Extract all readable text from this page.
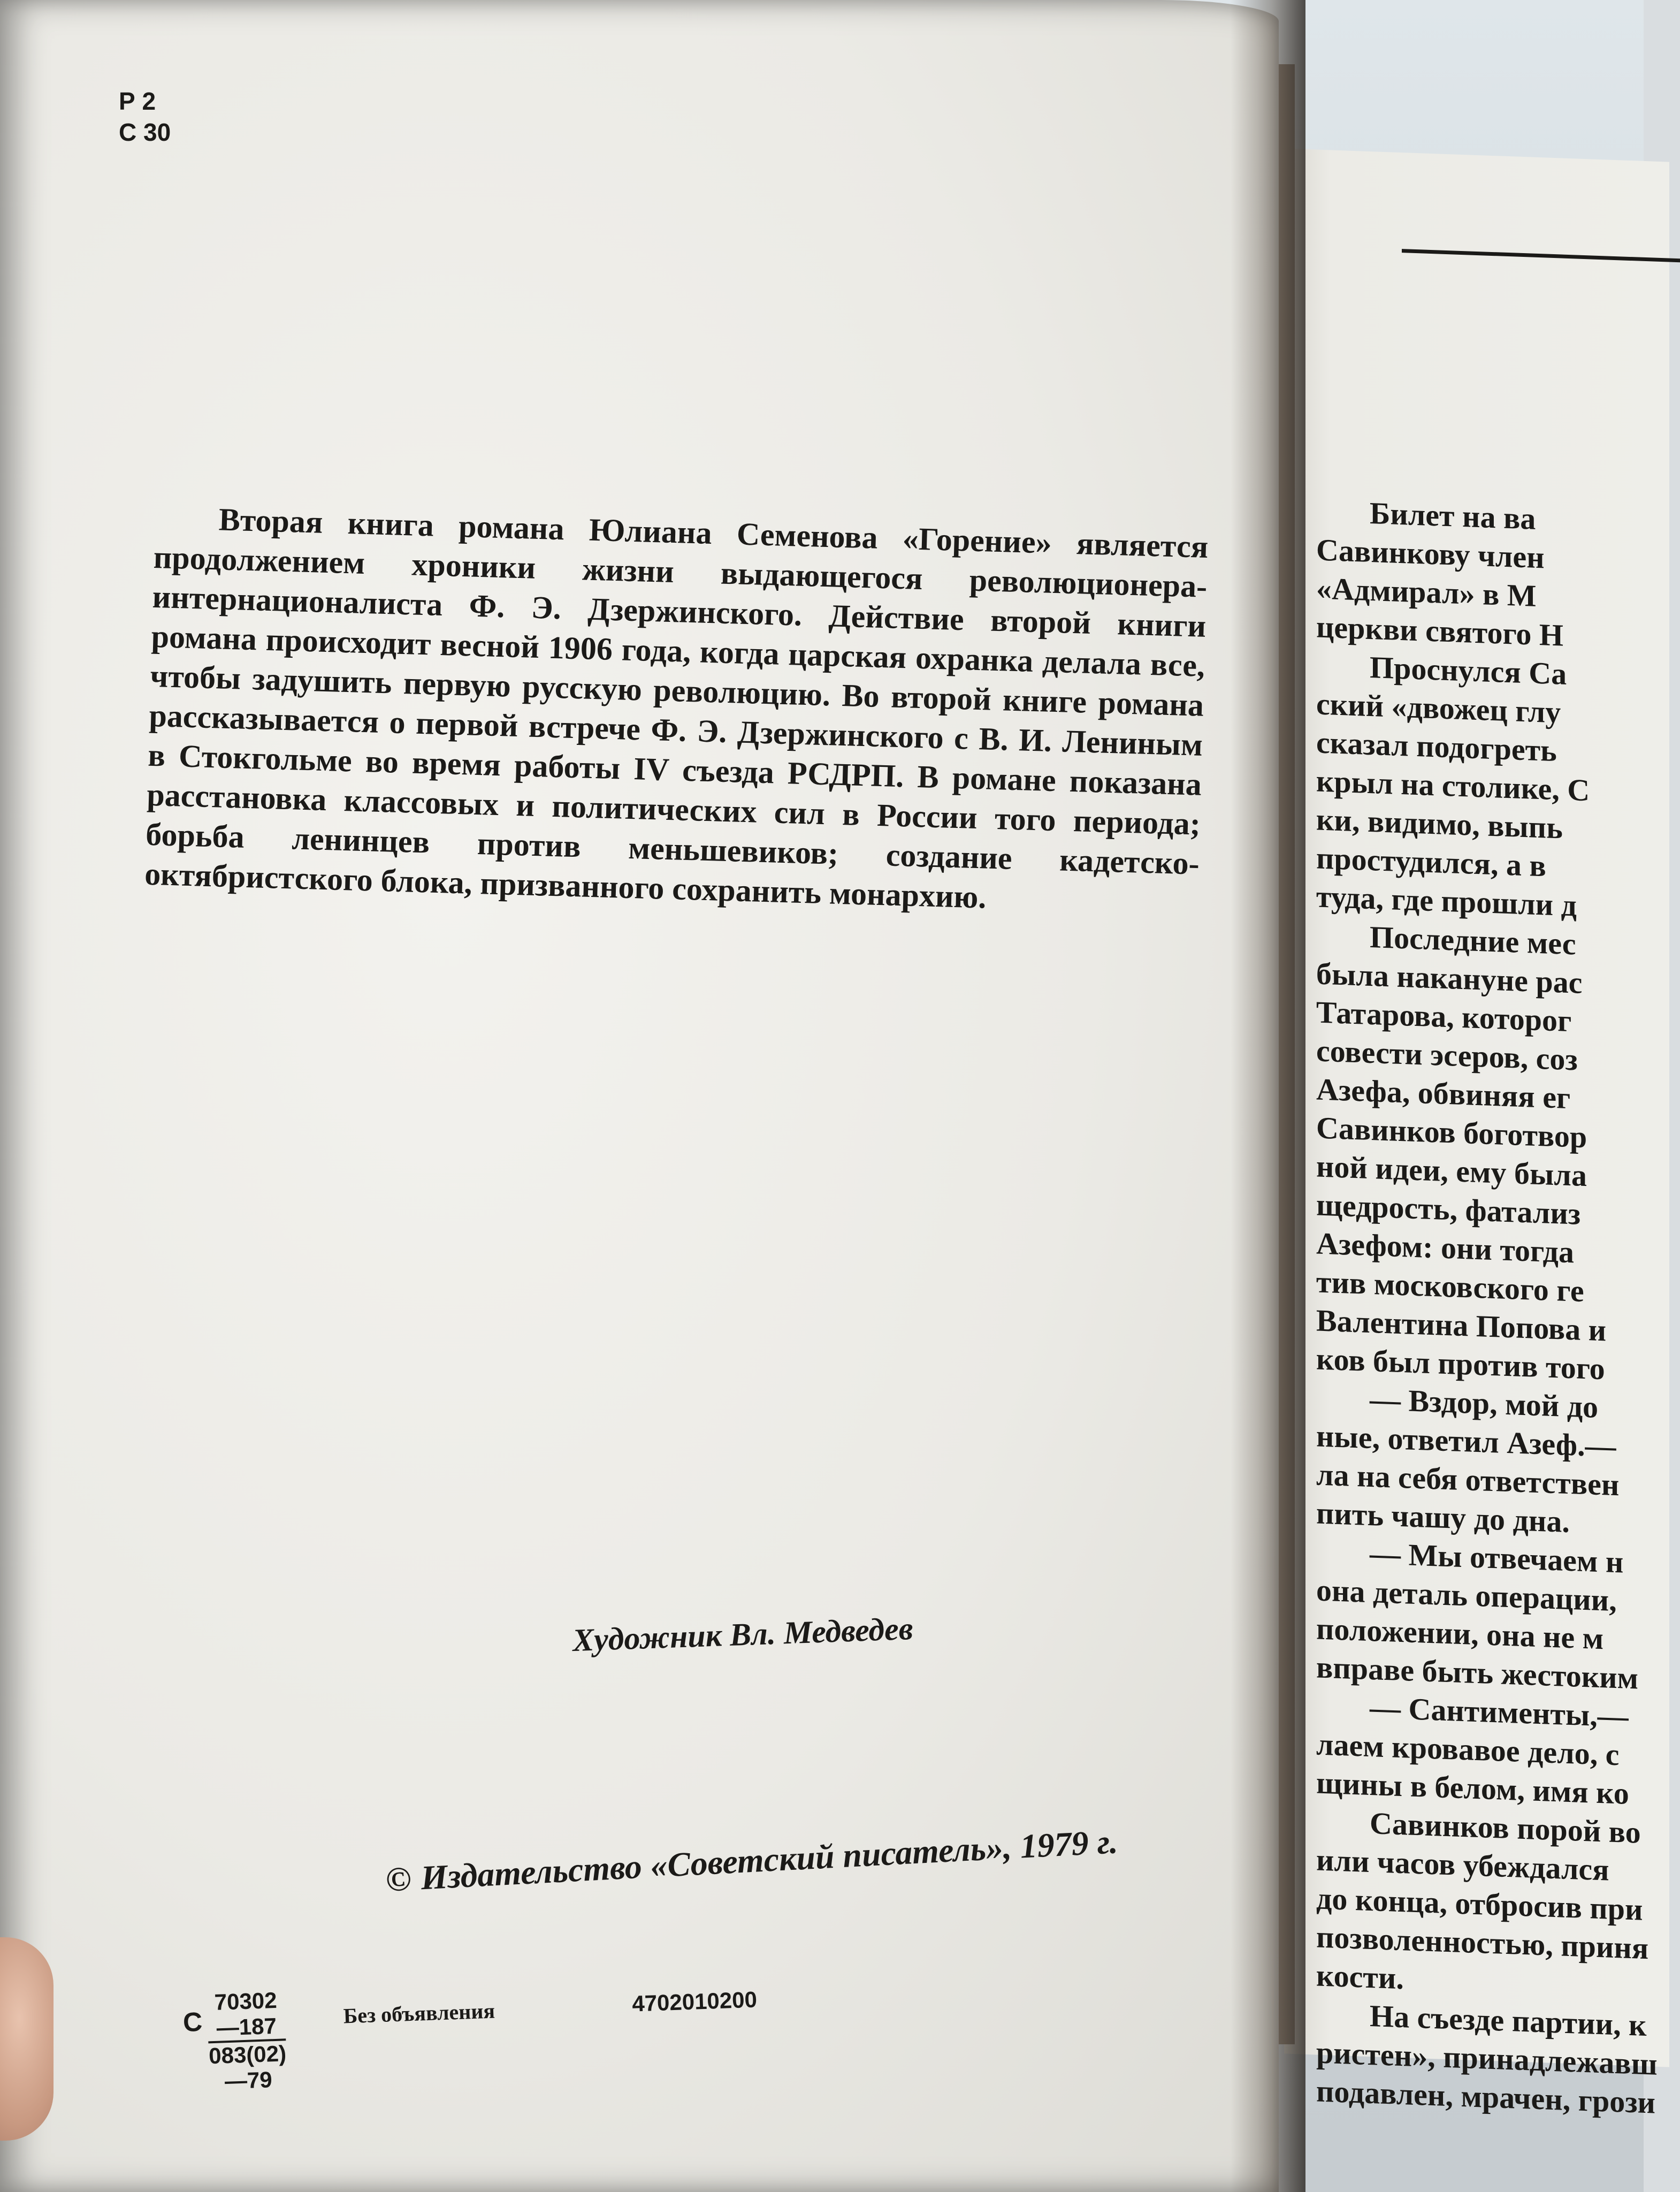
Билет на ва
Савинкову член
«Адмирал» в М
церкви святого Н
Проснулся Са
ский «двожец глу
сказал подогреть
крыл на столике, С
ки, видимо, выпь
простудился, а в
туда, где прошли д
Последние мес
была накануне рас
Татарова, которог
совести эсеров, соз
Азефа, обвиняя ег
Савинков боготвор
ной идеи, ему была
щедрость, фатализ
Азефом: они тогда
тив московского ге
Валентина Попова и
ков был против того
— Вздор, мой до
ные, ответил Азеф.—
ла на себя ответствен
пить чашу до дна.
— Мы отвечаем н
она деталь операции,
положении, она не м
вправе быть жестоким
— Сантименты,—
лаем кровавое дело, с
щины в белом, имя ко
Савинков порой во
или часов убеждался
до конца, отбросив при
позволенностью, приня
кости.
На съезде партии, к
ристен», принадлежавш
подавлен, мрачен, грози
Р 2
С 30

Вторая книга романа Юлиана Семенова «Горение» является продолжением хроники жизни выдающегося революционера-интернационалиста Ф. Э. Дзержинского. Действие второй книги романа происходит весной 1906 года, когда царская охранка делала все, чтобы задушить первую русскую революцию. Во второй книге романа рассказывается о первой встрече Ф. Э. Дзержинского с В. И. Лениным в Стокгольме во время работы IV съезда РСДРП. В романе показана расстановка классовых и политических сил в России того периода; борьба ленинцев против меньшевиков; создание кадетско-октябристского блока, призванного сохранить монархию.

Художник Вл. Медведев
© Издательство «Советский писатель», 1979 г.
С $\frac{70302—187}{083(02)—79}$	Без объявления	4702010200
